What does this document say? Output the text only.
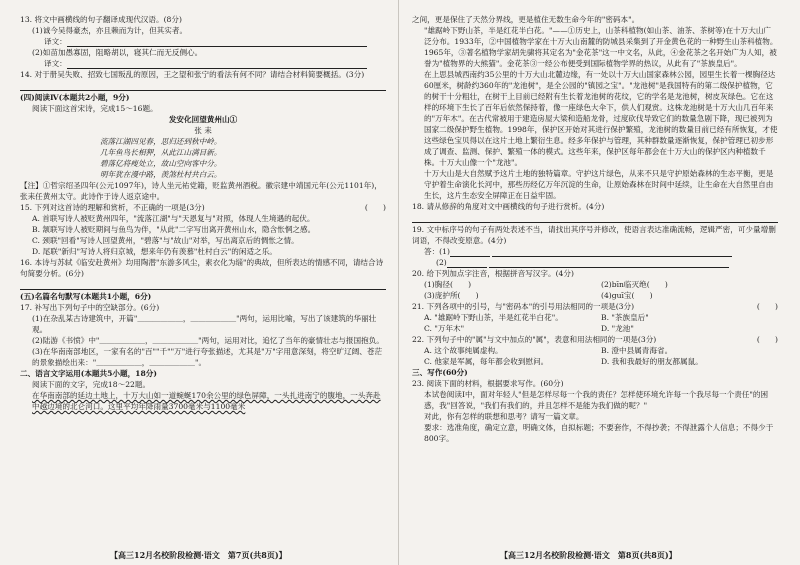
13. 将文中画横线的句子翻译成现代汉语。(8分)

(1)诚今吴得豪杰，亦且赖而为计，但其实者。

译文：

(2)如苗加愚寡固，阻略胡以，寝其仁而无反侧心。

译文：

14. 对于册吴失败、招致七国叛乱的原因，王之望和张宁的看法有何不同？请结合材料简要概括。(3分)

(四)阅读Ⅳ(本题共2小题，9分)

阅读下面这首宋诗，完成15～16题。

发安化回望黄州山①

张 耒

流落江湖四见春，思归还到秋中岭。

几年鱼鸟长相狎，从此江山满目新。

碧落亿将瘦处立，故山空向客中分。

明年犹在漫中路，羡煞杜村共白云。

【注】①哲宗绍圣四年(公元1097年)，诗人坐元祐党籍，贬监黄州酒税。徽宗建中靖国元年(公元1101年)，张耒任黄州太守。此诗作于诗人返京途中。

15. 下列对这首诗的理解和赏析，不正确的一项是(3分)	(　　)

A. 首联写诗人被贬黄州四年，"流落江湖"与"天恩复与"对照，体现人生境遇的起伏。

B. 颔联写诗人被贬期间与鱼鸟为伴，"从此"二字写出离开黄州山水，隐含怅惘之感。

C. 颈联"回看"写诗人回望黄州，"碧落"与"故山"对举，写出离京后的惆怅之情。

D. 尾联"新归"写诗人将归京城，想来年仍有羡慕"杜村白云"的闲适之乐。

16. 本诗与苏轼《临安赴黄州》均用陶潜"东游多风尘，素衣化为缁"的典故，但所表达的情感不同，请结合诗句简要分析。(6分)

(五)名篇名句默写(本题共1小题，6分)

17. 补写出下列句子中的空缺部分。(6分)

(1)在杂乱某古诗建筑中，开篇"＿＿＿＿＿＿，＿＿＿＿＿＿"两句，运用比喻，写出了该建筑的华丽壮观。

(2)陆游《书愤》中"＿＿＿＿＿＿，＿＿＿＿＿＿"两句，运用对比，追忆了当年的豪情壮志与报国抱负。

(3)在华南南部地区，一家有名的"百""千""万"进行夸张描述，尤其是"万"字用意深刻，将空旷辽阔、苍茫的景象描绘出来："＿＿＿＿＿＿，＿＿＿＿＿＿"。

二、语言文字运用(本题共5小题，18分)

阅读下面的文字，完成18～22题。

在华南南部的延边土地上，十万大山如一道蜿蜒170余公里的绿色屏障，一头扎进南宁的腹地，一头奔赴中越边境的北仑河口。这里平均年降雨量3700毫米与1100毫米

【高三12月名校阶段检测·语文　第7页(共8页)】

之间，更是保住了天然分界线，更是植住无数生命今年的"密码本"。

"雄踞岭下野山茶，半是红花半白花。"——①历史上，山茶科植物(如山茶、油茶、茶树等)在十万大山广泛分布。1933年，②中国植物学家在十万大山南麓的防城县采集到了开金黄色花的一种野生山茶科植物。1965年，③著名植物学家胡先骕将其定名为"金花茶"这一中文名，从此，④金花茶之名开始广为人知，被誉为"植物界的大熊猫"。金花茶③一经公布便受到国际植物学界的热议，从此有了"茶族皇后"。

在上思县城西南约35公里的十万大山北麓边缘，有一处以十万大山国家森林公园，园里生长着一棵胸径达60厘米，树龄约360年的"龙池树"，是全公园的"镇园之宝"。"龙池树"是我国特有的第二级保护植物，它的树干十分粗壮，在树干上目前已经附有生长着龙池树的花纹，它的学名是龙池树，树皮灰绿色。它在这样的环境下生长了百年后依然保持着，像一座绿色大伞下，供人们观赏。这株龙池树是十万大山几百年来的"万年木"。在古代常被用于建造房屋大梁和造船龙骨，过度砍伐导致它们的数量急剧下降，现已被列为国家二级保护野生植物。1998年，保护区开始对其进行保护繁殖，龙池树的数量目前已经有所恢复，才使这些绿色宝贝得以在这片土地上繁衍生息。经多年保护与管理，其种群数量逐渐恢复，保护管理已初步形成了调查、监测、保护、繁殖一体的模式。这些年来，保护区每年都会在十万大山的保护区内种植数千株。十万大山像一个"龙池"。

十万大山是大自然赋予这片土地的独特篇章。守护这片绿色，从来不只是守护原始森林的生态平衡，更是守护着生命演化长河中，那些历经亿万年沉淀的生命，让原始森林在时间中延续，让生命在大自然里自由生长，这片生态安全屏障正在日益牢固。

18. 请从修辞的角度对文中画横线的句子进行赏析。(4分)

19. 文中标序号的句子有两处表述不当，请找出其序号并修改，使语言表达准确流畅，逻辑严密，可少量增删词语，不得改变原意。(4分)

答：(1)

(2)

20. 给下列加点字注音，根据拼音写汉字。(4分)

(1)胸径(　　)	(2)bīn临灭绝(　　)
(3)庞护所(　　)	(4)guī宝(　　)

21. 下列各项中的引号，与"密码本"的引号用法相同的一项是(3分)	(　　)

A. "雄踞岭下野山茶，半是红花半白花"。	B. "茶族皇后"
C. "万年木"	D. "龙池"

22. 下列句子中的"属"与文中加点的"属"，表意和用法相同的一项是(3分)	(　　)

A. 这个故事纯属虚构。	B. 澄中县属青海省。
C. 他家是军属，每年都会收到慰问。	D. 我和我最好的朋友都属鼠。

三、写作(60分)

23. 阅读下面的材料，根据要求写作。(60分)

本试卷阅读Ⅰ中，面对年轻人"但是怎样尽每一个我的责任？怎样使环境允许每一个我尽每一个责任"的困惑，我"回答说，"我们有我们的，并且怎样不是能为我们做的呢？"

对此，你有怎样的联想和思考？请写一篇文章。

要求：选准角度，确定立意，明确文体，自拟标题；不要套作，不得抄袭；不得泄露个人信息；不得少于800字。

【高三12月名校阶段检测·语文　第8页(共8页)】
